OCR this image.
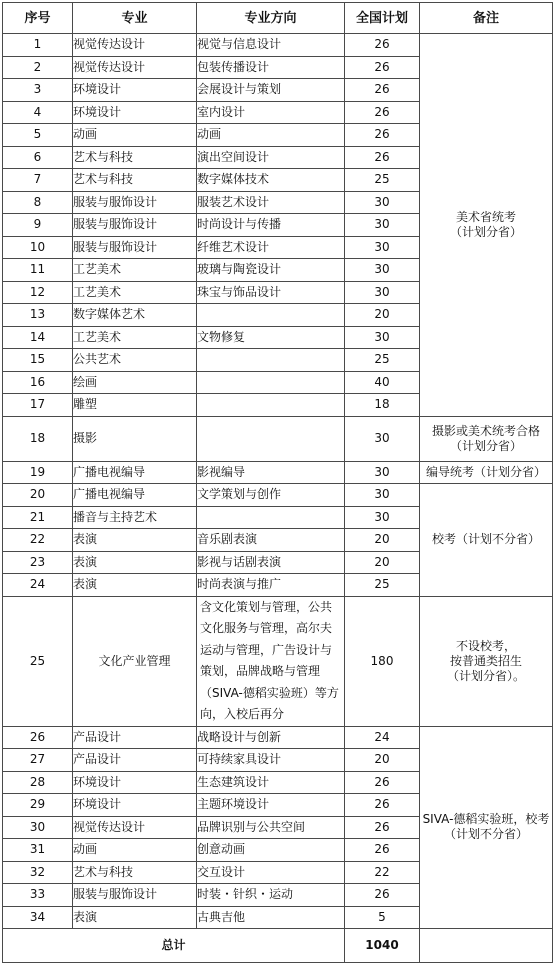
序号	专业	专业方向	全国计划	备注
1	视觉传达设计	视觉与信息设计	26	美术省统考
（计划分省）

2	视觉传达设计	包装传播设计	26	
3	环境设计	会展设计与策划	26	
4	环境设计	室内设计	26	
5	动画	动画	26	
6	艺术与科技	演出空间设计	26	
7	艺术与科技	数字媒体技术	25	
8	服装与服饰设计	服装艺术设计	30	
9	服装与服饰设计	时尚设计与传播	30	
10	服装与服饰设计	纤维艺术设计	30	
11	工艺美术	玻璃与陶瓷设计	30	
12	工艺美术	珠宝与饰品设计	30	
13	数字媒体艺术		20	
14	工艺美术	文物修复	30	
15	公共艺术		25	
16	绘画		40	
17	雕塑		18	
18	摄影		30	摄影或美术统考合格
（计划分省）

19	广播电视编导	影视编导	30	编导统考（计划分省）

20	广播电视编导	文学策划与创作	30	校考（计划不分省）

21	播音与主持艺术		30	
22	表演	音乐剧表演	20	
23	表演	影视与话剧表演	20	
24	表演	时尚表演与推广	25	
25	文化产业管理	含文化策划与管理，公共文化服务与管理，高尔夫运动与管理，广告设计与策划，品牌战略与管理（SIVA-德稻实验班）等方向，入校后再分	180	不设校考，
按普通类招生
（计划分省）。

26	产品设计	战略设计与创新	24	SIVA-德稻实验班，校考
（计划不分省）

27	产品设计	可持续家具设计	20	
28	环境设计	生态建筑设计	26	
29	环境设计	主题环境设计	26	
30	视觉传达设计	品牌识别与公共空间	26	
31	动画	创意动画	26	
32	艺术与科技	交互设计	22	
33	服装与服饰设计	时装・针织・运动	26	
34	表演	古典吉他	5	
总计			1040	
